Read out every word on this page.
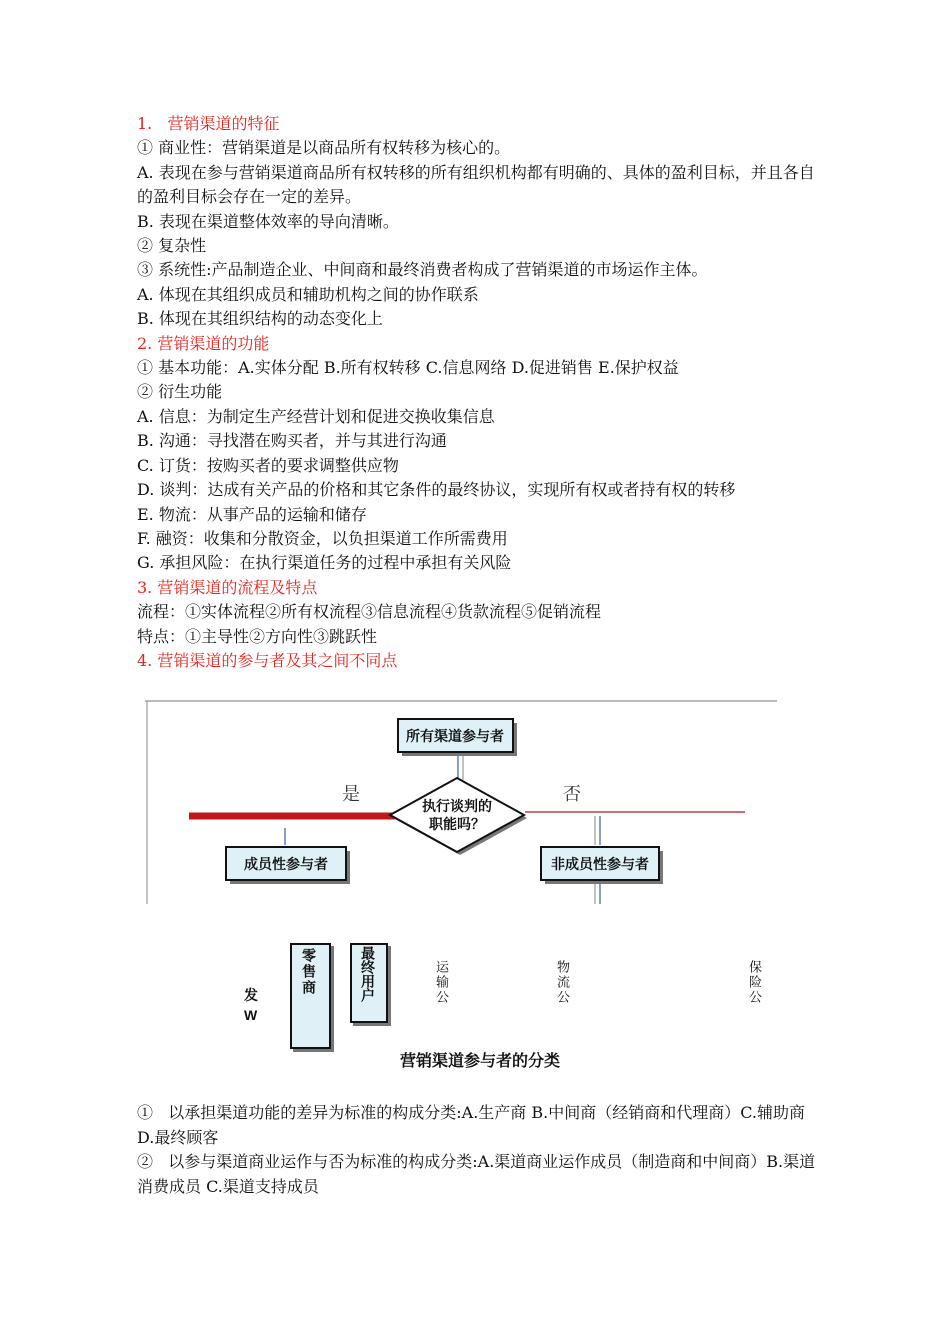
1.   营销渠道的特征
① 商业性：营销渠道是以商品所有权转移为核心的。
A. 表现在参与营销渠道商品所有权转移的所有组织机构都有明确的、具体的盈利目标，并且各自的盈利目标会存在一定的差异。
B. 表现在渠道整体效率的导向清晰。
② 复杂性
③ 系统性:产品制造企业、中间商和最终消费者构成了营销渠道的市场运作主体。
A. 体现在其组织成员和辅助机构之间的协作联系
B. 体现在其组织结构的动态变化上
2. 营销渠道的功能
① 基本功能：A.实体分配 B.所有权转移 C.信息网络 D.促进销售 E.保护权益
② 衍生功能
A. 信息：为制定生产经营计划和促进交换收集信息
B. 沟通：寻找潜在购买者，并与其进行沟通
C. 订货：按购买者的要求调整供应物
D. 谈判：达成有关产品的价格和其它条件的最终协议，实现所有权或者持有权的转移
E. 物流：从事产品的运输和储存
F. 融资：收集和分散资金，以负担渠道工作所需费用
G. 承担风险：在执行渠道任务的过程中承担有关风险
3. 营销渠道的流程及特点
流程：①实体流程②所有权流程③信息流程④货款流程⑤促销流程
特点：①主导性②方向性③跳跃性
4. 营销渠道的参与者及其之间不同点
所有渠道参与者
执行谈判的
职能吗？
是	否
成员性参与者	非成员性参与者
发
W
零售商	最终用户	运输公	物流公	保险公
营销渠道参与者的分类
①   以承担渠道功能的差异为标准的构成分类:A.生产商 B.中间商（经销商和代理商）C.辅助商 D.最终顾客
②   以参与渠道商业运作与否为标准的构成分类:A.渠道商业运作成员（制造商和中间商）B.渠道消费成员 C.渠道支持成员
